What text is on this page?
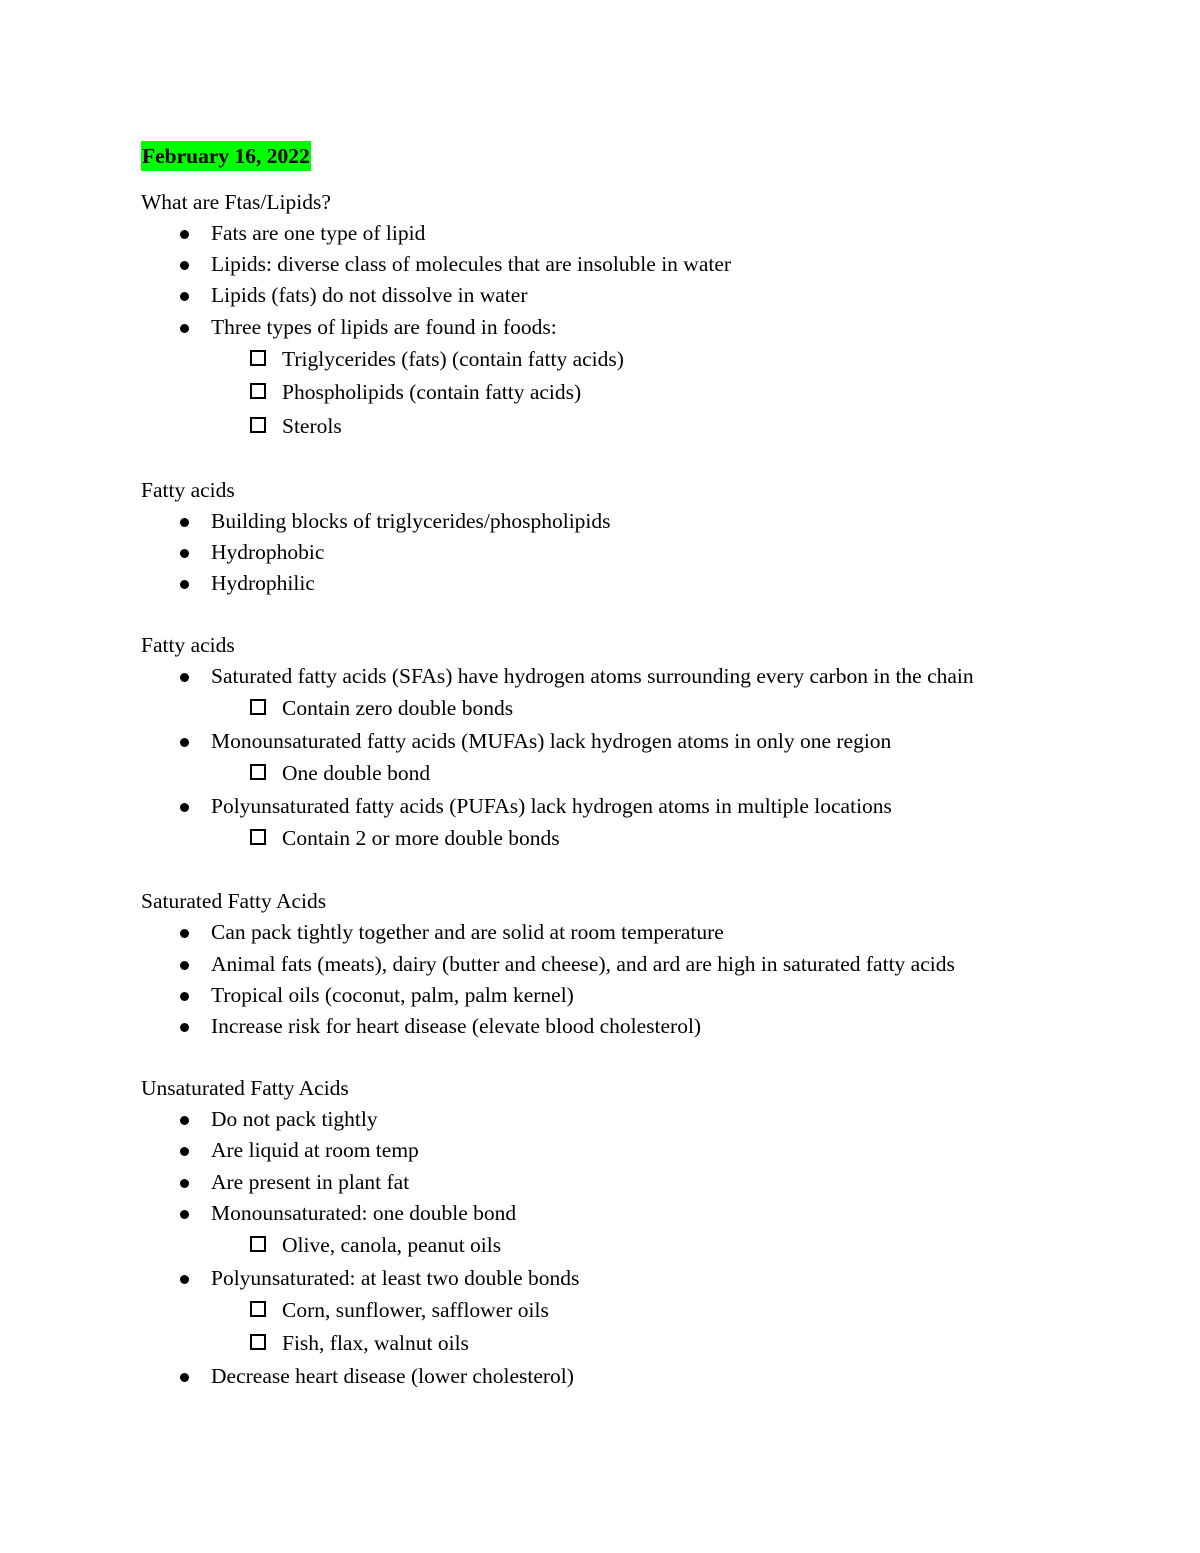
February 16, 2022
What are Ftas/Lipids?
Fats are one type of lipid
Lipids: diverse class of molecules that are insoluble in water
Lipids (fats) do not dissolve in water
Three types of lipids are found in foods:
Triglycerides (fats) (contain fatty acids)
Phospholipids (contain fatty acids)
Sterols
Fatty acids
Building blocks of triglycerides/phospholipids
Hydrophobic
Hydrophilic
Fatty acids
Saturated fatty acids (SFAs) have hydrogen atoms surrounding every carbon in the chain
Contain zero double bonds
Monounsaturated fatty acids (MUFAs) lack hydrogen atoms in only one region
One double bond
Polyunsaturated fatty acids (PUFAs) lack hydrogen atoms in multiple locations
Contain 2 or more double bonds
Saturated Fatty Acids
Can pack tightly together and are solid at room temperature
Animal fats (meats), dairy (butter and cheese), and ard are high in saturated fatty acids
Tropical oils (coconut, palm, palm kernel)
Increase risk for heart disease (elevate blood cholesterol)
Unsaturated Fatty Acids
Do not pack tightly
Are liquid at room temp
Are present in plant fat
Monounsaturated: one double bond
Olive, canola, peanut oils
Polyunsaturated: at least two double bonds
Corn, sunflower, safflower oils
Fish, flax, walnut oils
Decrease heart disease (lower cholesterol)
